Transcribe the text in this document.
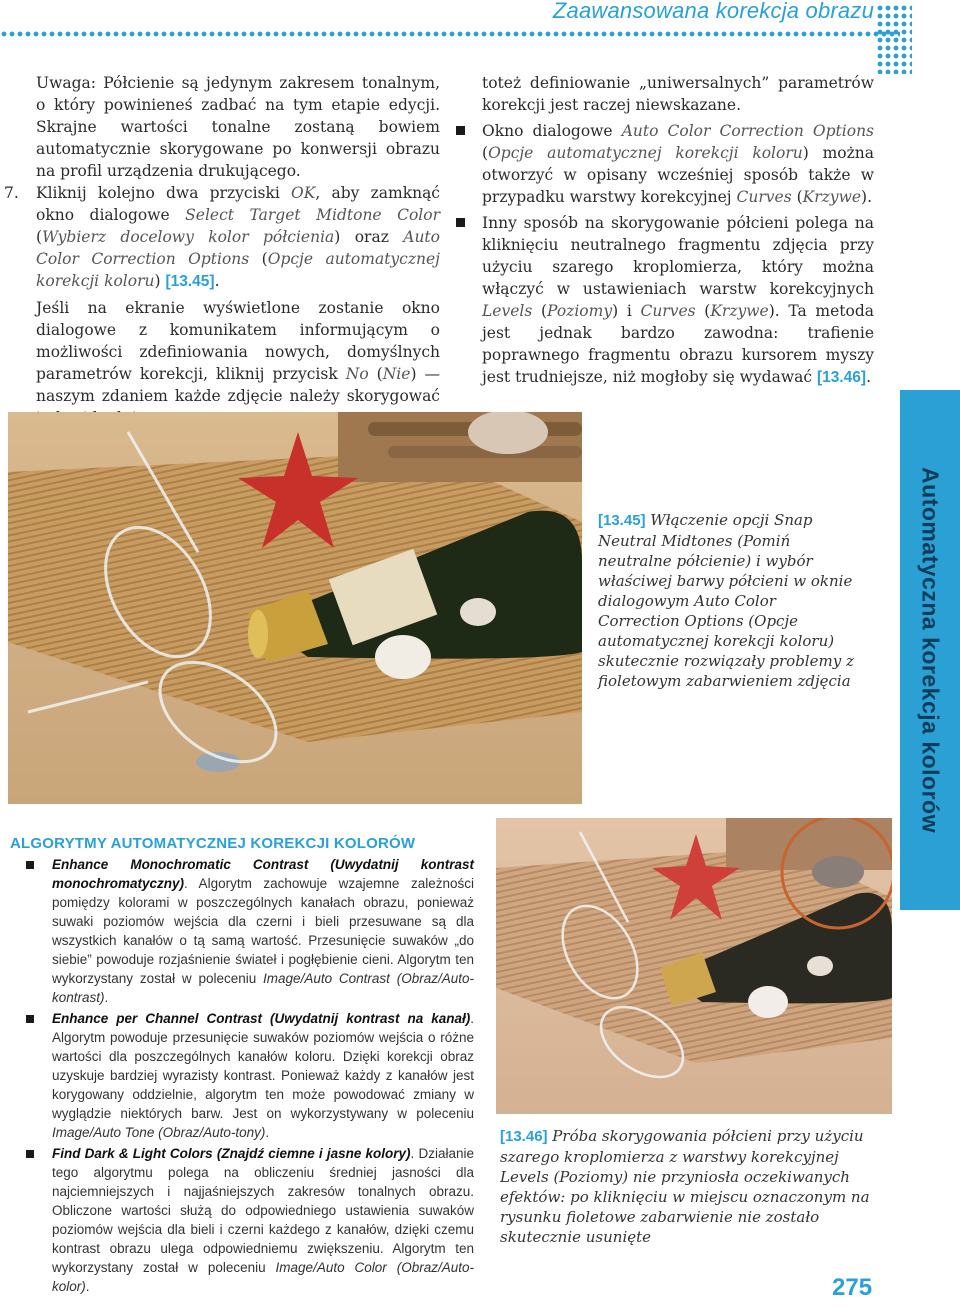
Zaawansowana korekcja obrazu

Uwaga: Półcienie są jedynym zakresem tonalnym, o który powinieneś zadbać na tym etapie edycji. Skrajne wartości tonalne zostaną bowiem automatycznie skorygowane po konwersji obrazu na profil urządzenia drukującego.

7. Kliknij kolejno dwa przyciski OK, aby zamknąć okno dialogowe Select Target Midtone Color (Wybierz docelowy kolor półcienia) oraz Auto Color Correction Options (Opcje automatycznej korekcji koloru) [13.45].

Jeśli na ekranie wyświetlone zostanie okno dialogowe z komunikatem informującym o możliwości zdefiniowania nowych, domyślnych parametrów korekcji, kliknij przycisk No (Nie) — naszym zdaniem każde zdjęcie należy skorygować

toteż definiowanie „uniwersalnych” parametrów korekcji jest raczej niewskazane.

Okno dialogowe Auto Color Correction Options (Opcje automatycznej korekcji koloru) można otworzyć w opisany wcześniej sposób także w przypadku warstwy korekcyjnej Curves (Krzywe).

Inny sposób na skorygowanie półcieni polega na kliknięciu neutralnego fragmentu zdjęcia przy użyciu szarego kroplomierza, który można włączyć w ustawieniach warstw korekcyjnych Levels (Poziomy) i Curves (Krzywe). Ta metoda jest jednak bardzo zawodna: trafienie poprawnego fragmentu obrazu kursorem myszy jest trudniejsze, niż mogłoby się wydawać [13.46].

[13.45] Włączenie opcji Snap Neutral Midtones (Pomiń neutralne półcienie) i wybór właściwej barwy półcieni w oknie dialogowym Auto Color Correction Options (Opcje automatycznej korekcji koloru) skutecznie rozwiązały problemy z fioletowym zabarwieniem zdjęcia	Automatyczna korekcja kolorów
[13.46] Próba skorygowania półcieni przy użyciu szarego kroplomierza z warstwy korekcyjnej Levels (Poziomy) nie przyniosła oczekiwanych efektów: po kliknięciu w miejscu oznaczonym na rysunku fioletowe zabarwienie nie zostało skutecznie usunięte
ALGORYTMY AUTOMATYCZNEJ KOREKCJI KOLORÓW
Enhance Monochromatic Contrast (Uwydatnij kontrast monochromatyczny). Algorytm zachowuje wzajemne zależności pomiędzy kolorami w poszczególnych kanałach obrazu, ponieważ suwaki poziomów wejścia dla czerni i bieli przesuwane są dla wszystkich kanałów o tą samą wartość. Przesunięcie suwaków „do siebie” powoduje rozjaśnienie świateł i pogłębienie cieni. Algorytm ten wykorzystany został w poleceniu Image/Auto Contrast (Obraz/Auto-kontrast).
Enhance per Channel Contrast (Uwydatnij kontrast na kanał). Algorytm powoduje przesunięcie suwaków poziomów wejścia o różne wartości dla poszczególnych kanałów koloru. Dzięki korekcji obraz uzyskuje bardziej wyrazisty kontrast. Ponieważ każdy z kanałów jest korygowany oddzielnie, algorytm ten może powodować zmiany w wyglądzie niektórych barw. Jest on wykorzystywany w poleceniu Image/Auto Tone (Obraz/Auto-tony).
Find Dark & Light Colors (Znajdź ciemne i jasne kolory). Działanie tego algorytmu polega na obliczeniu średniej jasności dla najciemniejszych i najjaśniejszych zakresów tonalnych obrazu. Obliczone wartości służą do odpowiedniego ustawienia suwaków poziomów wejścia dla bieli i czerni każdego z kanałów, dzięki czemu kontrast obrazu ulega odpowiedniemu zwiększeniu. Algorytm ten wykorzystany został w poleceniu Image/Auto Color (Obraz/Auto-kolor).	275
